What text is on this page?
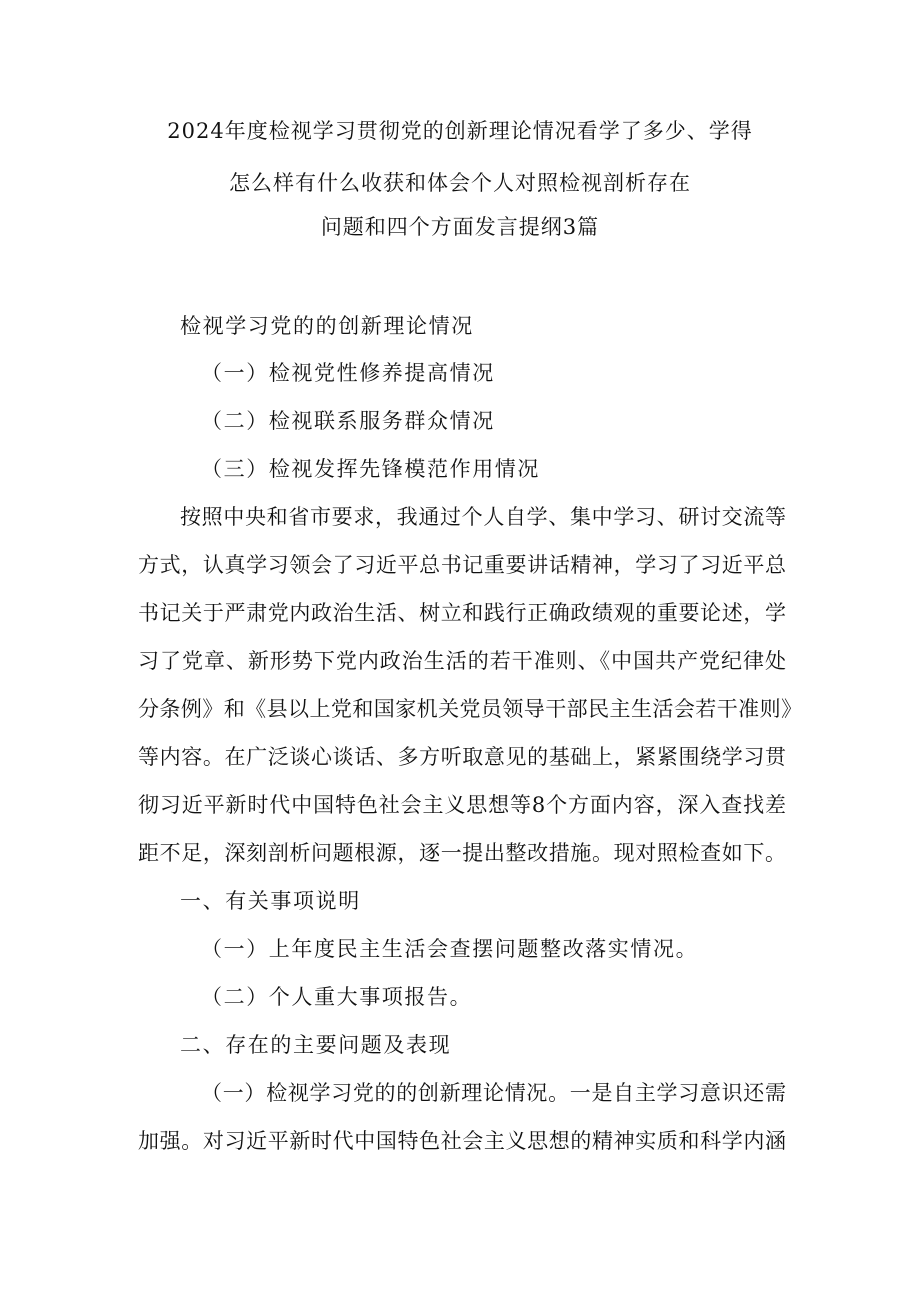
2024年度检视学习贯彻党的创新理论情况看学了多少、学得
怎么样有什么收获和体会个人对照检视剖析存在
问题和四个方面发言提纲3篇
检视学习党的的创新理论情况
（一）检视党性修养提高情况
（二）检视联系服务群众情况
（三）检视发挥先锋模范作用情况
按照中央和省市要求，我通过个人自学、集中学习、研讨交流等
方式，认真学习领会了习近平总书记重要讲话精神，学习了习近平总
书记关于严肃党内政治生活、树立和践行正确政绩观的重要论述，学
习了党章、新形势下党内政治生活的若干准则、《中国共产党纪律处
分条例》和《县以上党和国家机关党员领导干部民主生活会若干准则》
等内容。在广泛谈心谈话、多方听取意见的基础上，紧紧围绕学习贯
彻习近平新时代中国特色社会主义思想等8个方面内容，深入查找差
距不足，深刻剖析问题根源，逐一提出整改措施。现对照检查如下。
一、有关事项说明
（一）上年度民主生活会查摆问题整改落实情况。
（二）个人重大事项报告。
二、存在的主要问题及表现
（一）检视学习党的的创新理论情况。一是自主学习意识还需
加强。对习近平新时代中国特色社会主义思想的精神实质和科学内涵
